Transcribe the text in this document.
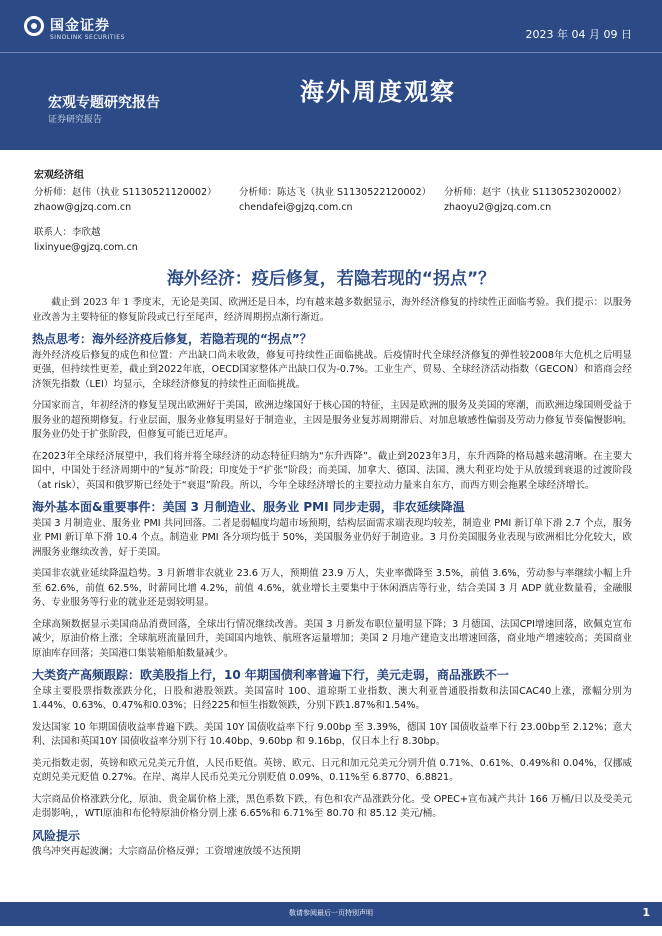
国金证券
SINOLINK SECURITIES	2023 年 04 月 09 日
宏观专题研究报告
证券研究报告
海外周度观察
宏观经济组
分析师：赵伟（执业 S1130521120002）
zhaow@gjzq.com.cn
分析师：陈达飞（执业 S1130522120002）
chendafei@gjzq.com.cn
分析师：赵宇（执业 S1130523020002）
zhaoyu2@gjzq.com.cn
联系人：李欣越
lixinyue@gjzq.com.cn
海外经济：疫后修复，若隐若现的“拐点”？

截止到 2023 年 1 季度末，无论是美国、欧洲还是日本，均有越来越多数据显示，海外经济修复的持续性正面临考验。我们提示：以服务业改善为主要特征的修复阶段或已行至尾声，经济周期拐点渐行渐近。

热点思考：海外经济疫后修复，若隐若现的“拐点”？

海外经济疫后修复的成色和位置：产出缺口尚未收敛，修复可持续性正面临挑战。后疫情时代全球经济修复的弹性较2008年大危机之后明显更强，但持续性更差，截止到2022年底，OECD国家整体产出缺口仅为-0.7%。工业生产、贸易、全球经济活动指数（GECON）和谘商会经济领先指数（LEI）均显示，全球经济修复的持续性正面临挑战。

分国家而言，年初经济的修复呈现出欧洲好于美国，欧洲边缘国好于核心国的特征，主因是欧洲的服务及美国的寒潮，而欧洲边缘国则受益于服务业的超预期修复。行业层面，服务业修复明显好于制造业，主因是服务业复苏周期滞后、对加息敏感性偏弱及劳动力修复节奏偏慢影响。服务业仍处于扩张阶段，但修复可能已近尾声。

在2023年全球经济展望中，我们将并将全球经济的动态特征归纳为“东升西降”。截止到2023年3月，东升西降的格局越来越清晰。在主要大国中，中国处于经济周期中的“复苏”阶段；印度处于“扩张”阶段；而美国、加拿大、德国、法国、澳大利亚均处于从放缓到衰退的过渡阶段（at risk），英国和俄罗斯已经处于“衰退”阶段。所以，今年全球经济增长的主要拉动力量来自东方，而西方则会拖累全球经济增长。

海外基本面&重要事件：美国 3 月制造业、服务业 PMI 同步走弱，非农延续降温

美国 3 月制造业、服务业 PMI 共同回落。二者是弱幅度均超市场预期，结构层面需求端表现均较差，制造业 PMI 新订单下滑 2.7 个点，服务业 PMI 新订单下滑 10.4 个点。制造业 PMI 各分项均低于 50%，美国服务业仍好于制造业。3 月份美国服务业表现与欧洲相比分化较大，欧洲服务业继续改善，好于美国。

美国非农就业延续降温趋势。3 月新增非农就业 23.6 万人，预期值 23.9 万人，失业率微降至 3.5%，前值 3.6%，劳动参与率继续小幅上升至 62.6%，前值 62.5%，时薪同比增 4.2%，前值 4.6%，就业增长主要集中于休闲酒店等行业，结合美国 3 月 ADP 就业数量看，金融服务、专业服务等行业的就业还是弱较明显。

全球高频数据显示美国商品消费回落，全球出行情况继续改善。美国 3 月新发布职位量明显下降；3 月德国、法国CPI增速回落，欧佩克宣布减少，原油价格上涨；全球航班流量回升，美国国内地铁、航班客运量增加；美国 2 月地产建造支出增速回落，商业地产增速较高；美国商业原油库存回落；美国港口集装箱船舶数量减少。

大类资产高频跟踪：欧美股指上行，10 年期国债利率普遍下行，美元走弱，商品涨跌不一

全球主要股票指数涨跌分化，日股和港股领跌。美国富时 100、道琼斯工业指数、澳大利亚普通股指数和法国CAC40上涨，涨幅分别为1.44%、0.63%、0.47%和0.03%；日经225和恒生指数领跌，分别下跌1.87%和1.54%。

发达国家 10 年期国债收益率普遍下跌。美国 10Y 国债收益率下行 9.00bp 至 3.39%，德国 10Y 国债收益率下行 23.00bp至 2.12%；意大利、法国和英国10Y 国债收益率分别下行 10.40bp、9.60bp 和 9.16bp，仅日本上行 8.30bp。

美元指数走弱，英镑和欧元兑美元升值，人民币贬值。英镑、欧元、日元和加元兑美元分别升值 0.71%、0.61%、0.49%和 0.04%，仅挪威克朗兑美元贬值 0.27%。在岸、离岸人民币兑美元分别贬值 0.09%、0.11%至 6.8770、6.8821。

大宗商品价格涨跌分化，原油、贵金属价格上涨，黑色系数下跌，有色和农产品涨跌分化。受 OPEC+宣布减产共计 166 万桶/日以及受美元走弱影响，，WTI原油和布伦特原油价格分别上涨 6.65%和 6.71%至 80.70 和 85.12 美元/桶。

风险提示

俄乌冲突再起波澜；大宗商品价格反弹；工资增速放缓不达预期

敬请参阅最后一页特别声明	1
